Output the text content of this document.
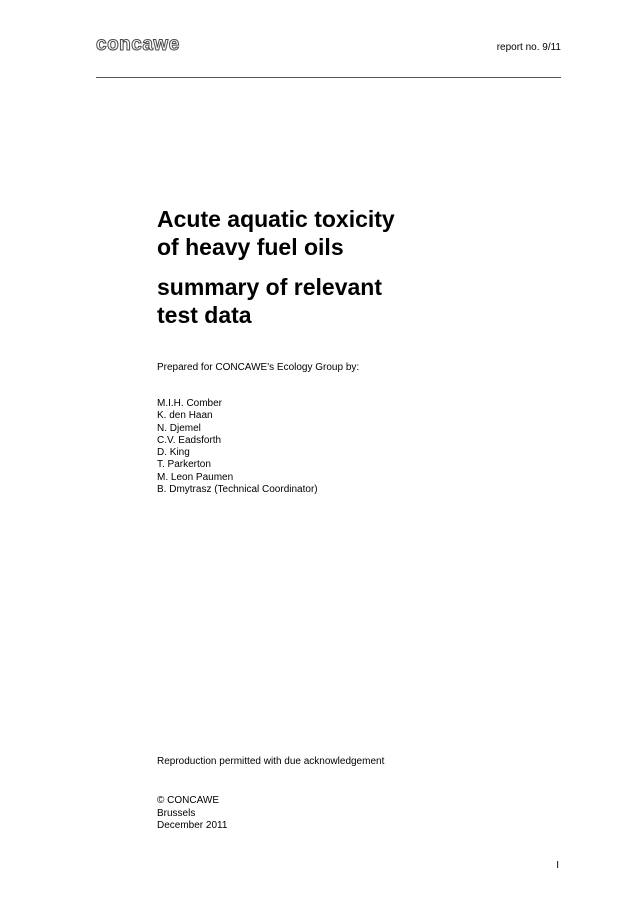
concawe	report no. 9/11
Acute aquatic toxicity
of heavy fuel oils
summary of relevant
test data
Prepared for CONCAWE's Ecology Group by:
M.I.H. Comber
K. den Haan
N. Djemel
C.V. Eadsforth
D. King
T. Parkerton
M. Leon Paumen
B. Dmytrasz (Technical Coordinator)
Reproduction permitted with due acknowledgement
© CONCAWE
Brussels
December 2011
I
